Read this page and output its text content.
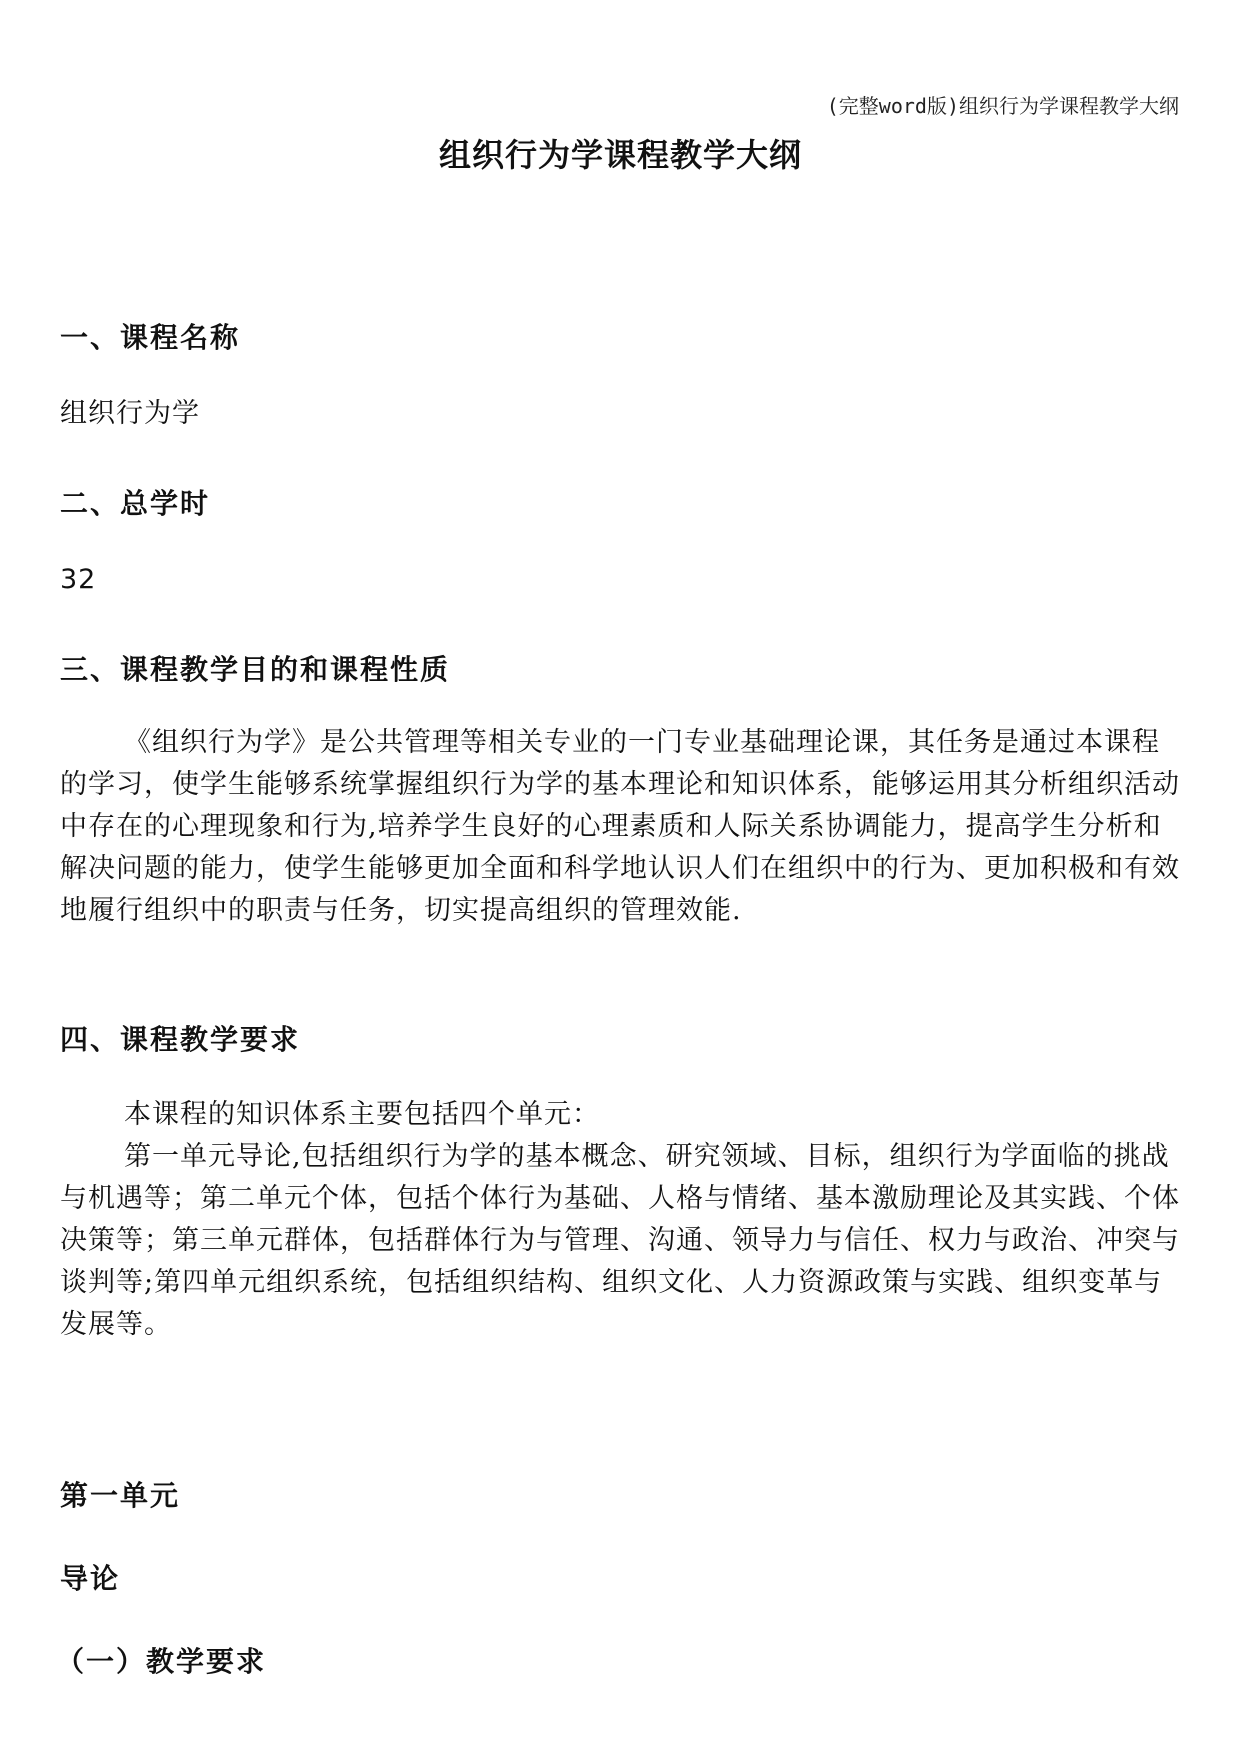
(完整word版)组织行为学课程教学大纲
组织行为学课程教学大纲
一、课程名称
组织行为学
二、总学时
32
三、课程教学目的和课程性质
《组织行为学》是公共管理等相关专业的一门专业基础理论课，其任务是通过本课程的学习，使学生能够系统掌握组织行为学的基本理论和知识体系，能够运用其分析组织活动中存在的心理现象和行为,培养学生良好的心理素质和人际关系协调能力，提高学生分析和解决问题的能力，使学生能够更加全面和科学地认识人们在组织中的行为、更加积极和有效地履行组织中的职责与任务，切实提高组织的管理效能.
四、课程教学要求
本课程的知识体系主要包括四个单元：
第一单元导论,包括组织行为学的基本概念、研究领域、目标，组织行为学面临的挑战与机遇等；第二单元个体，包括个体行为基础、人格与情绪、基本激励理论及其实践、个体决策等；第三单元群体，包括群体行为与管理、沟通、领导力与信任、权力与政治、冲突与谈判等;第四单元组织系统，包括组织结构、组织文化、人力资源政策与实践、组织变革与发展等。
第一单元
导论
（一）教学要求
